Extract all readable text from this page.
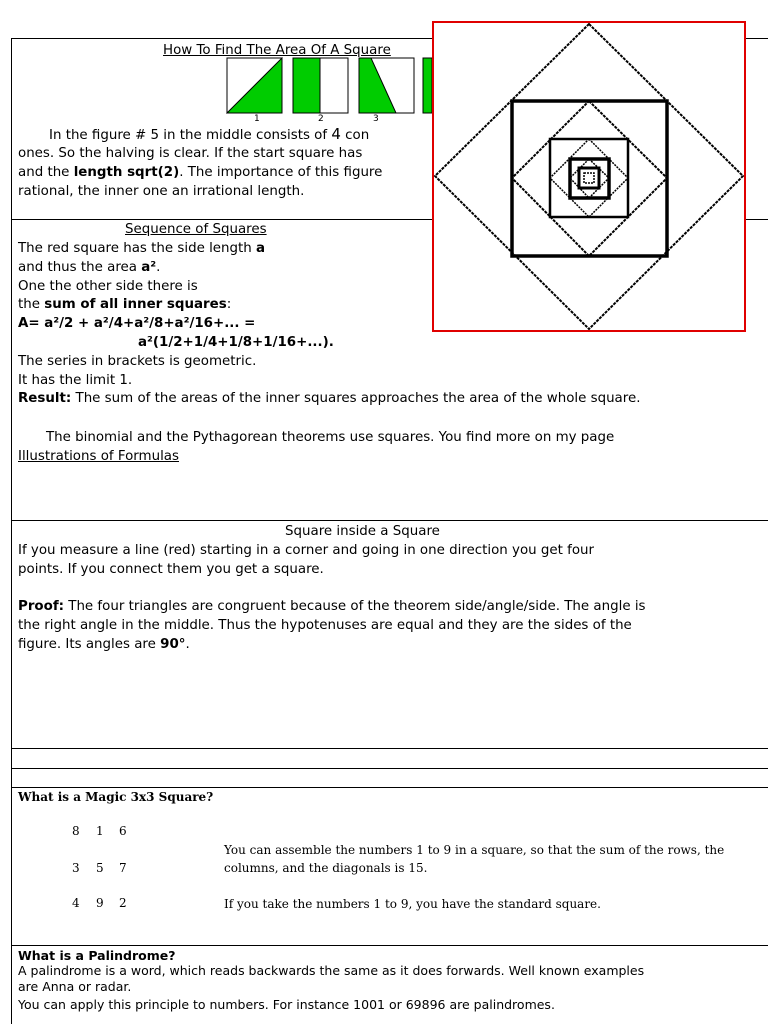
How To Find The Area Of A Square
1	2	3
In the figure # 5 in the middle consists of 4 con
ones. So the halving is clear. If the start square has
and the length sqrt(2). The importance of this figure
rational, the inner one an irrational length.
Sequence of Squares
The red square has the side length a
and thus the area a².
One the other side there is
the sum of all inner squares:
A= a²/2 + a²/4+a²/8+a²/16+... =
a²(1/2+1/4+1/8+1/16+...).
The series in brackets is geometric.
It has the limit 1.
Result: The sum of the areas of the inner squares approaches the area of the whole square.
The binomial and the Pythagorean theorems use squares. You find more on my page
Illustrations of Formulas
Square inside a Square
If you measure a line (red) starting in a corner and going in one direction you get four
points. If you connect them you get a square.
Proof: The four triangles are congruent because of the theorem side/angle/side. The angle is
the right angle in the middle. Thus the hypotenuses are equal and they are the sides of the
figure. Its angles are 90°.
What is a Magic 3x3 Square?
8 1 6
3 5 7
4 9 2
You can assemble the numbers 1 to 9 in a square, so that the sum of the rows, the
columns, and the diagonals is 15.
If you take the numbers 1 to 9, you have the standard square.
What is a Palindrome?
A palindrome is a word, which reads backwards the same as it does forwards. Well known examples
are Anna or radar.
You can apply this principle to numbers. For instance 1001 or 69896 are palindromes.
